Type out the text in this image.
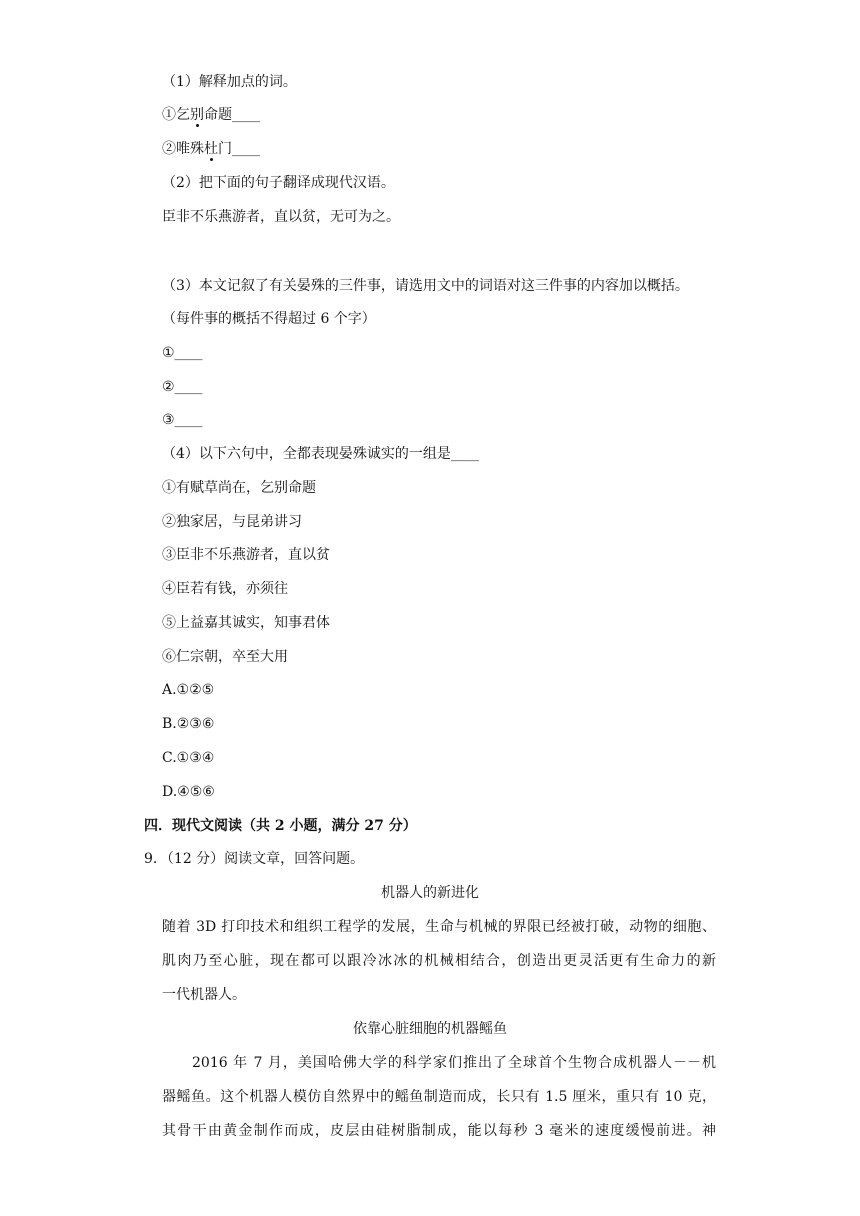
（1）解释加点的词。
①乞别命题____
②唯殊杜门____
（2）把下面的句子翻译成现代汉语。
臣非不乐燕游者，直以贫，无可为之。
（3）本文记叙了有关晏殊的三件事，请选用文中的词语对这三件事的内容加以概括。
（每件事的概括不得超过 6 个字）
①____
②____
③____
（4）以下六句中，全都表现晏殊诚实的一组是____
①有赋草尚在，乞别命题
②独家居，与昆弟讲习
③臣非不乐燕游者，直以贫
④臣若有钱，亦须往
⑤上益嘉其诚实，知事君体
⑥仁宗朝，卒至大用
A.①②⑤
B.②③⑥
C.①③④
D.④⑤⑥
四．现代文阅读（共 2 小题，满分 27 分）
9．（12 分）阅读文章，回答问题。
机器人的新进化
随着 3D 打印技术和组织工程学的发展，生命与机械的界限已经被打破，动物的细胞、
肌肉乃至心脏，现在都可以跟冷冰冰的机械相结合，创造出更灵活更有生命力的新
一代机器人。
依靠心脏细胞的机器鳐鱼
　　2016 年 7 月，美国哈佛大学的科学家们推出了全球首个生物合成机器人－－机
器鳐鱼。这个机器人模仿自然界中的鳐鱼制造而成，长只有 1.5 厘米，重只有 10 克，
其骨干由黄金制作而成，皮层由硅树脂制成，能以每秒 3 毫米的速度缓慢前进。神
